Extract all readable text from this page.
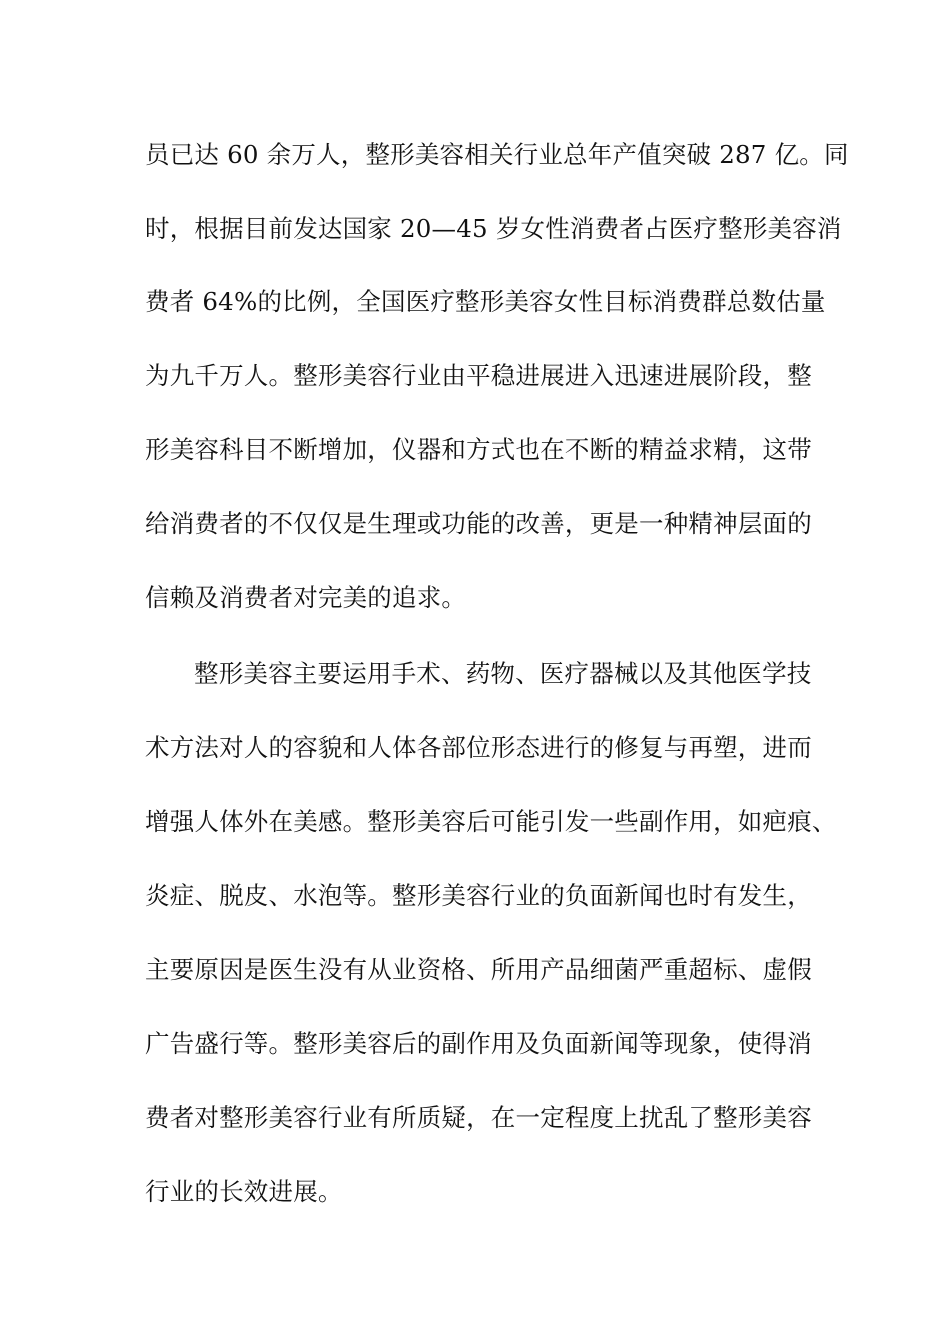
员已达 60 余万人，整形美容相关行业总年产值突破 287 亿。同
时，根据目前发达国家 20—45 岁女性消费者占医疗整形美容消
费者 64%的比例，全国医疗整形美容女性目标消费群总数估量
为九千万人。整形美容行业由平稳进展进入迅速进展阶段，整
形美容科目不断增加，仪器和方式也在不断的精益求精，这带
给消费者的不仅仅是生理或功能的改善，更是一种精神层面的
信赖及消费者对完美的追求。
整形美容主要运用手术、药物、医疗器械以及其他医学技
术方法对人的容貌和人体各部位形态进行的修复与再塑，进而
增强人体外在美感。整形美容后可能引发一些副作用，如疤痕、
炎症、脱皮、水泡等。整形美容行业的负面新闻也时有发生，
主要原因是医生没有从业资格、所用产品细菌严重超标、虚假
广告盛行等。整形美容后的副作用及负面新闻等现象，使得消
费者对整形美容行业有所质疑，在一定程度上扰乱了整形美容
行业的长效进展。
